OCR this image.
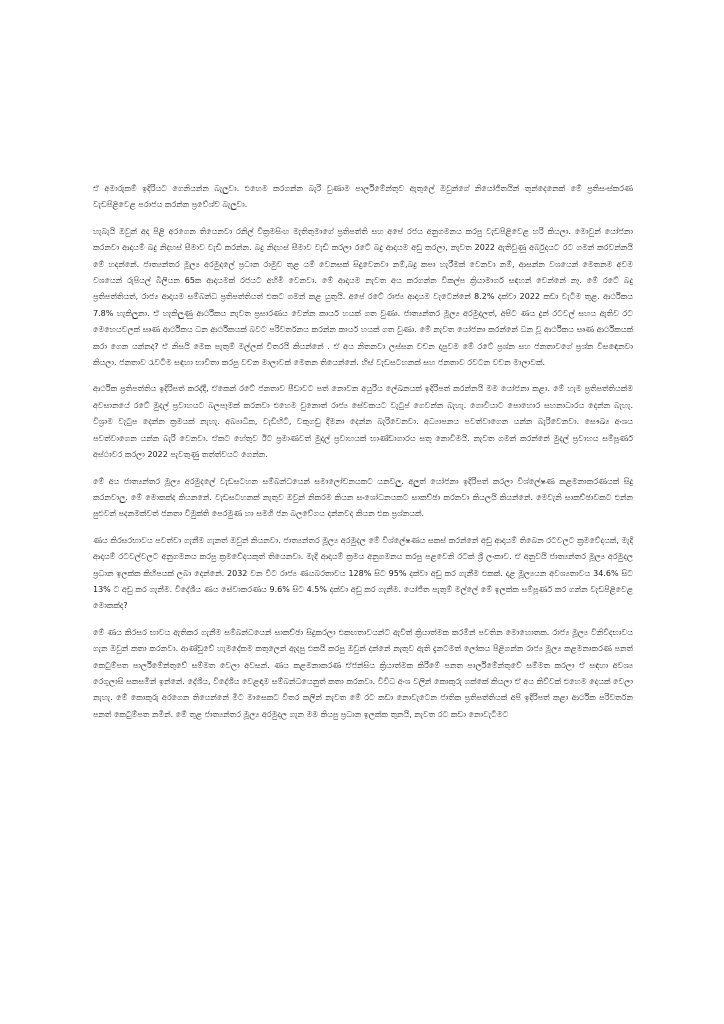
ඒ අමාරුකම් ඉදිරියට ගෙනියන්න බැලුවා. එහෙම කරගන්න බැරි වුණාම පාර්ලිමේන්තුව ඇතුලේ ඔවුන්ගේ නියෝජිතයින් තුන්දෙනෙක් මේ ප්‍රතිසංස්කරණ වැඩපිළිවෙළ පරාජය කරන්න ප්‍රවේශ්ච බැලුවා.

හැබැයි ඔවුන් අද පිළි අරගෙන තියෙනවා රනිල් වික්‍රමසිංහ මැතිතුමාගේ ප්‍රතිපත්ති සහ අපේ රජය අනුගමනය කරපු වැඩපිළිවෙළ හරි කියලා. මොවුන් යෝජනා කරනවා ආදායම් බදු නිදහස් සීමාව වැඩි කරන්න. බදු නිදහස් සීමාව වැඩි කරලා රටේ බදු ආදායම අඩු කරලා, නැවත 2022 ඇතිවුණු අර්බුදයට රට ගමන් කරවන්නයි මේ හදන්නේ. ජාත්‍යන්තර මූල්‍ය අරමුදලේ ප්‍රධාන රාමුව තුළ යම් වෙනසක් සිදුවෙනවා නම්,බදු කපා හැරීමක් වෙනවා නම්, ආසන්න වශයෙන් මෙතනම අවම වශයෙන් රුපියල් බිලියන 65ක ආදායමක් රජයට අහිමි වෙනවා. මේ ආදායම නැවත අය කරගන්න විකල්ප ක්‍රියාමාර්ග සඳහන් වෙන්නේ නෑ. මේ රටේ බදු ප්‍රතිපත්තියත්, රාජ්‍ය ආදායම සම්බන්ධ ප්‍රතිපත්තියත් එකට ගමන් කළ යුතුයි. අපේ රටේ රාජ්‍ය ආදායම වැටෙන්නේ 8.2% දක්වා 2022 කඩා වැටීම තුළ. ආර්ථිකය 7.8% හැකිලුනා. ඒ හැකිලුණු ආර්ථිකය නැවත ප්‍රසාරණය වෙන්න කාර්ය හයක් ගත වුණා. ජාත්‍යන්තර මූල්‍ය අරමුදලත්, අපිට ණය දුන් රටවල් සහය ඇතිව රට මෙහෙයවලක් සෘණ ආර්ථිකය ධන ආර්ථිකයක් බවට පරිවර්තනය කරන්න කාර්ය හයක් ගත වුණා. මේ නැවත යෝජනා කරන්නේ ධන වූ ආර්ථිකය සෘණ ආර්ථිකයක් කරා ගෙන යන්නද? ඒ නිසයි මෙක පැතුම් මල්ලක් විතරයි කියන්නේ . ඒ අය නිතනවා ලස්සන වචන දාපුවම මේ රටේ ප්‍රශ්න සහ ජනතාවගේ ප්‍රශ්න විසඳෙනවා කියලා. ජනතාව රැවටීම සඳහා භාවිතා කරපු වචන මාලාවක් මෙතන තියෙන්නේ. හිස් වැඩසටහනක් සහ ජනතාව රවටන වචන මාලාවක්.

ආර්ථික ප්‍රතිපත්තිය ඉදිරිපත් කරද්දී, ඒකෙන් රටේ ජනතාව පීඩාවට පත් නොවන අයුරිය ලේඛනයක් ඉදිරිපත් කරන්නයි මම යෝජනා කළා. මේ හැම ප්‍රතිපත්තියක්ම අවසානයේ රටේ මුදල් ප්‍රවාහයට බලපෑමක් කරනවා එහෙම වුනොත් රාජ්‍ය සේවකයට වැටුප් ගෙවන්න බැහැ. ගොවියාට පොහොර සහනාධාරය දෙන්න බැහැ. විශ්‍රාම වැටුප දෙන්න ක්‍රමයක් නැහැ. අබ්‍යාධික, වැඩිහිටි, වකුගඩු දීමනා දෙන්න බැරිවෙනවා. අධ්‍යාපනය පවත්වාගෙන යන්න බැරිවෙනවා. සෞඛ්‍ය අංශය පවත්වාගෙන යන්න බැරි වෙනවා. ඒකට හේතුව ඊට ප්‍රමාණවත් මුදල් ප්‍රවාහයක් භාණ්ඩාගාරය සතු නොවීමයි. නැවත ගමන් කරන්නේ මුදල් ප්‍රවාහය සම්පූර්ණ අස්ථාවර කරලා 2022 පැවතුණු තත්ත්වයට ගෙන්න.

මේ අය ජාත්‍යන්තර මූල්‍ය අරමුදලේ වැඩසටහන සම්බන්ධයෙන් සමාලෝචනයකට යනවලු. අලුත් යෝජනා ඉදිරිපත් කරලා විශ්ලේෂණ කළමනාකරණයක් සිදු කරනවාලු. මේ මොකක්ද කියනනේ. වැඩසටහනක් නැතුව ඔවුන් නිකරම කියන සංශෝධනයකට සාකච්ඡා කරනවා කියලයි කියන්නේ. මෙවැනි සාකච්ඡාවකට එන්න පුළුවන් පදනමක්වත් ජනතා විමුක්ති පෙරමුණ හා සමගි ජන බලවේගය දන්නවද කියන එක ප්‍රශ්නයක්.

ණය කිරසරභාවය පවත්වා ගැනීම ගැනත් ඔවුන් කියනවා. ජාත්‍යන්තර මූල්‍ය අරමුදල මේ විශ්ලේෂණය සකස් කරන්නේ අඩු ආදායම් තිබෙන රටවලට ක්‍රමවේදයක්, මැදි ආදායම් රටවල්වලට අනුගමනය කරපු ක්‍රමවේදයකුත් තියෙනවා. මැදි ආදායම් ක්‍රමය අනුගමනය කරපු පළවෙනි රටක් ශ්‍රී ලංකාව. ඒ අනුවයි ජාත්‍යන්තර මූල්‍ය අරමුදල ප්‍රධාන ඉලක්ක කිහිපයක් ලබා දෙන්නේ. 2032 වන විට රාජ්‍ය ණයබරතාවය 128% සිට 95% දක්වා අඩු කර ගැනීම එකක්. දළ මූල්‍යයන අවශ්‍යතාවය 34.6% සිට 13% ට අඩු කර ගැනීම. විදේශීය ණය සේවාකරණය 9.6% සිට 4.5% දක්වා අඩු කර ගැනීම. යෝජිත පැතුම් මල්ලේ මේ ඉලක්ක සම්පූර්ණ කර ගන්න වැඩපිළිවෙළ මොකක්ද?

මේ ණය කිරසර භාවය ඇතිකර ගැනීම සම්බන්ධයෙන් සාකච්ඡා සිදුකරලා එකඟතාවයන්ට ඇවිත් ක්‍රියාත්මක කරමින් පවතින මොහොතක. රාජ්‍ය මූල්‍ය විනිවිදභාවය ගැන ඔවුන් කතා කරනවා. ආණ්ඩුවේ හැමදේකම කතුලෙන් ඇදපු එකයි කරපු ඔවුන් දන්නේ නැතුව ඇති දැනටමත් ලෝකය පිළිගන්න රාජ්‍ය මූල්‍ය කළමනාකරණ පනත් කෙටුම්පත පාර්ලිමේන්තුවේ සම්මත වෙලා අවසන්. ණය කළමනාකරණ ඒජන්සිය ක්‍රියාත්මක කිරීමේ පනත පාර්ලිමේන්තුවේ සම්මත කරලා ඒ සඳහා අවශ්‍ය රෙගුලාසි සකසමින් ඉන්නේ. දේශීය, විදේශීය වෙළඳාම සම්බන්ධයෙනුත් කතා කරනවා. විවිධ අංශ වලින් කොකුරු ගක්කේ කියලා ඒ අය කිව්වක් එහෙම දෙයක් වෙලා නැහැ. මේ කොකුරු අරගෙන තියෙන්නේ මීට මාසෙකට විතර කලින් නැවත මේ රට කඩා නොවැටෙන ජාතික ප්‍රතිපත්තියක් අපි ඉදිරිපත් කළා ආර්ථික පරිවර්තන පනත් කෙටුම්පත නමින්. මේ තුළ ජාත්‍යන්තර මූල්‍ය අරමුදල ගැන මම කියපු ප්‍රධාන ඉලක්ක තුනයි, නැවත රට කඩා නොවැටීමට
